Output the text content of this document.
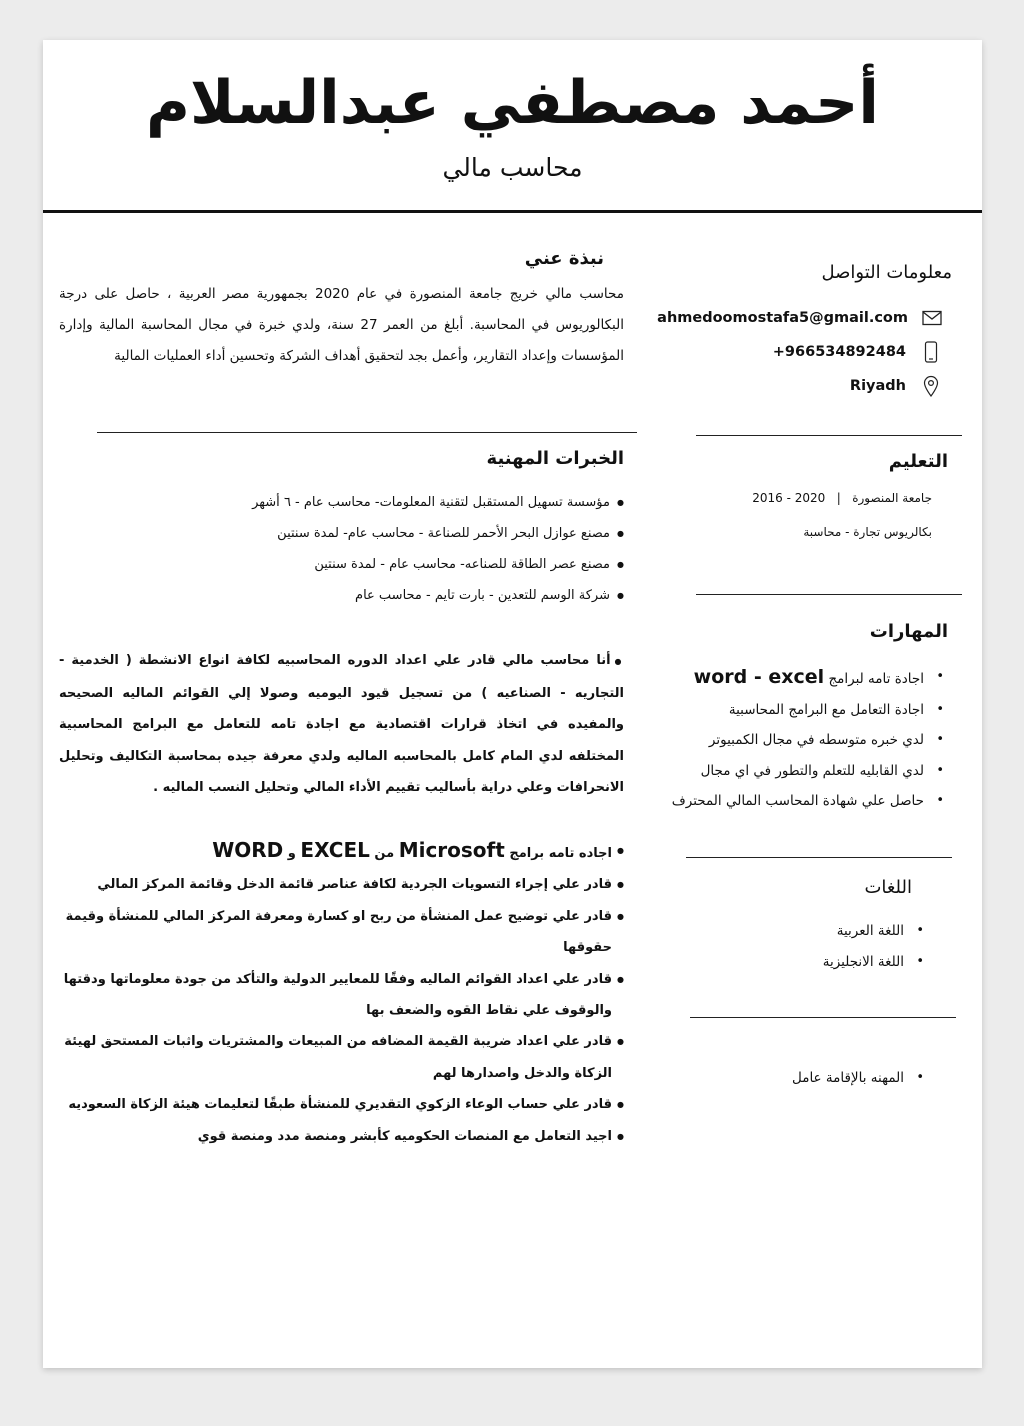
أحمد مصطفي عبدالسلام
محاسب مالي
معلومات التواصل
ahmedoomostafa5@gmail.com
+966534892484
Riyadh
التعليم
جامعة المنصورة   |   2016 - 2020
بكالريوس تجارة - محاسبة
المهارات
• اجادة تامه لبرامج word - excel
• اجادة التعامل مع البرامج المحاسبية
• لدي خبره متوسطه في مجال الكمبيوتر
• لدي القابليه للتعلم والتطور في اي مجال
• حاصل علي شهادة المحاسب المالي المحترف
اللغات
• اللغة العربية
• اللغة الانجليزية
• المهنه بالإقامة عامل
نبذة عني

محاسب مالي خريج جامعة المنصورة في عام 2020 بجمهورية مصر العربية ، حاصل على درجة البكالوريوس في المحاسبة. أبلغ من العمر 27 سنة، ولدي خبرة في مجال المحاسبة المالية وإدارة المؤسسات وإعداد التقارير، وأعمل بجد لتحقيق أهداف الشركة وتحسين أداء العمليات المالية

الخبرات المهنية
● مؤسسة تسهيل المستقبل لتقنية المعلومات- محاسب عام - ٦ أشهر
● مصنع عوازل البحر الأحمر للصناعة - محاسب عام- لمدة سنتين
● مصنع عصر الطاقة للصناعه- محاسب عام - لمدة سنتين
● شركة الوسم للتعدين - بارت تايم - محاسب عام

●أنا محاسب مالي قادر علي اعداد الدوره المحاسبيه لكافة انواع الانشطة ( الخدمية - التجاريه - الصناعيه ) من تسجيل قيود اليوميه وصولا إلي القوائم الماليه الصحيحه والمفيده في اتخاذ قرارات اقتصادية مع اجادة تامه للتعامل مع البرامج المحاسبية المختلفه لدي المام كامل بالمحاسبه الماليه ولدي معرفة جيده بمحاسبة التكاليف وتحليل الانحرافات وعلي دراية بأساليب تقييم الأداء المالي وتحليل النسب الماليه .

● اجاده تامه برامج Microsoft من EXCEL و WORD
● قادر علي إجراء التسويات الجردية لكافة عناصر قائمة الدخل وقائمة المركز المالي
● قادر علي توضيح عمل المنشأة من ربح او كسارة ومعرفة المركز المالي للمنشأة وقيمة حقوقها
● قادر علي اعداد القوائم الماليه وفقًا للمعايير الدولية والتأكد من جودة معلوماتها ودقتها والوقوف علي نقاط القوه والضعف بها
● قادر علي اعداد ضريبة القيمة المضافه من المبيعات والمشتريات واثبات المستحق لهيئة الزكاة والدخل واصدارها لهم
● قادر علي حساب الوعاء الزكوي التقديري للمنشأة طبقًا لتعليمات هيئة الزكاة السعوديه
● اجيد التعامل مع المنصات الحكوميه كأبشر ومنصة مدد ومنصة قوي
